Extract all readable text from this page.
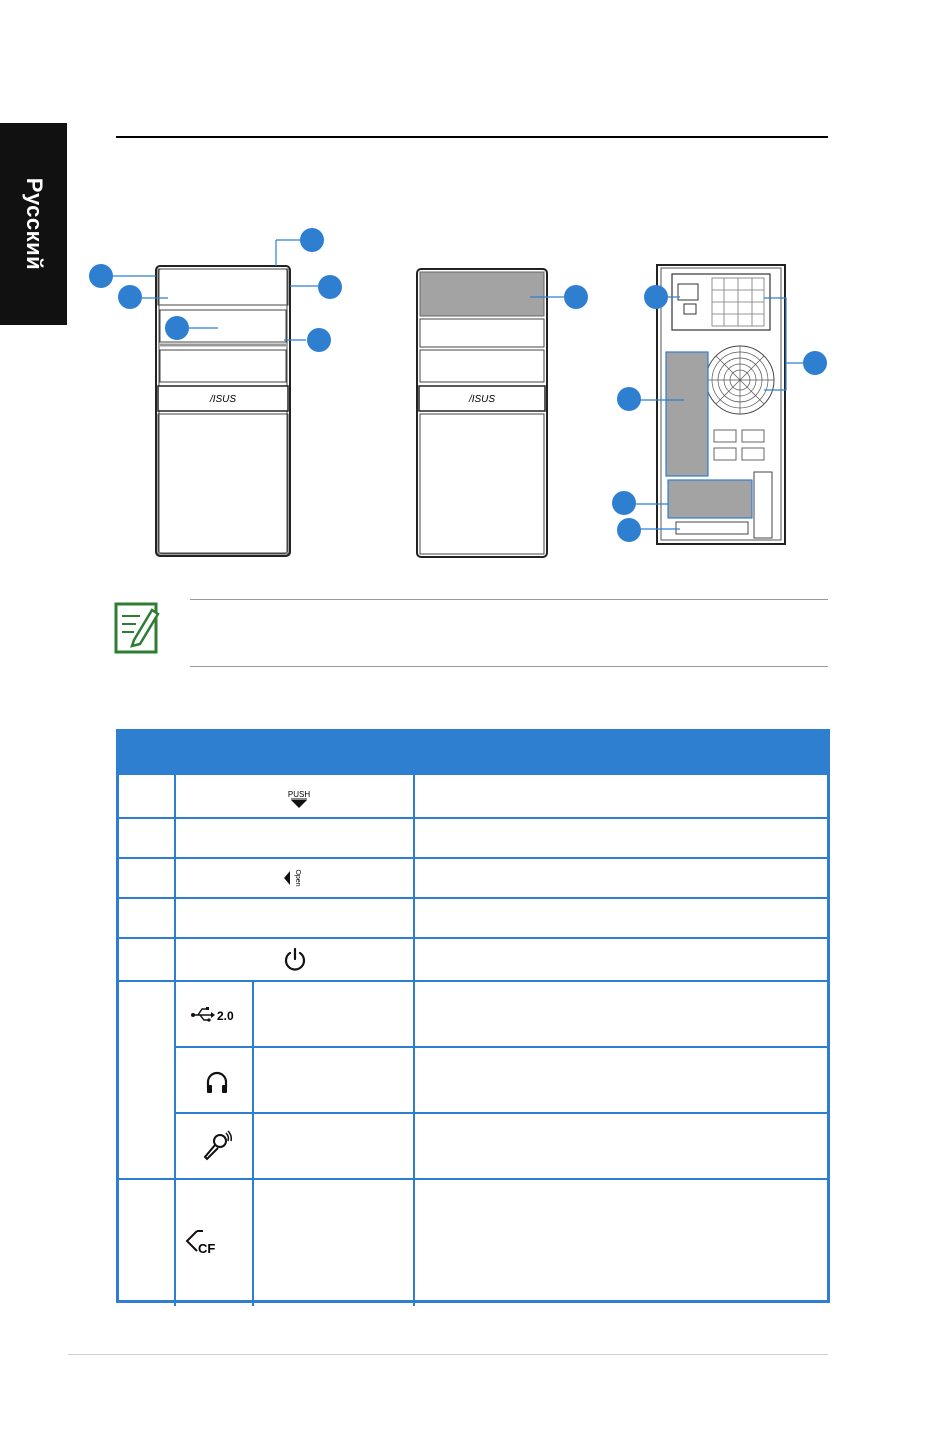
Русский
/ISUS	/ISUS
PUSH
Open
2.0
CF
